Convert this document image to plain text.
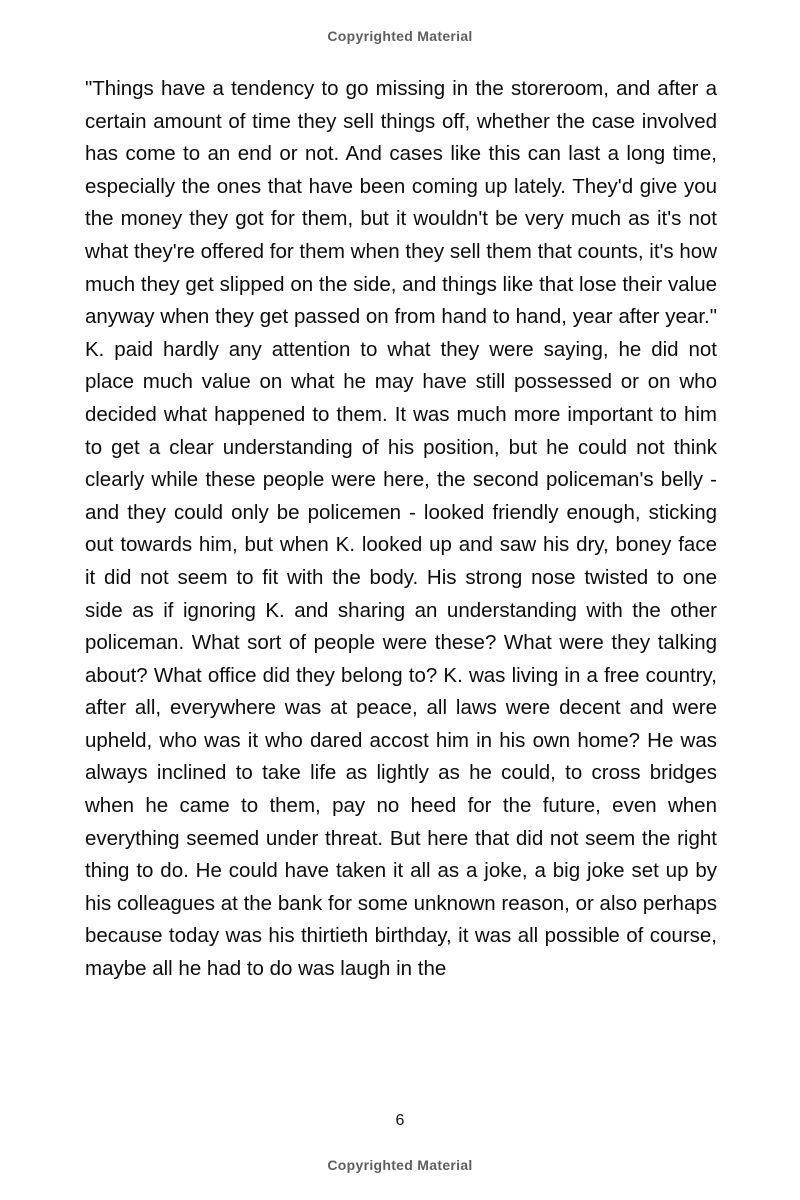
Copyrighted Material
"Things have a tendency to go missing in the storeroom, and after a certain amount of time they sell things off, whether the case involved has come to an end or not. And cases like this can last a long time, especially the ones that have been coming up lately. They'd give you the money they got for them, but it wouldn't be very much as it's not what they're offered for them when they sell them that counts, it's how much they get slipped on the side, and things like that lose their value anyway when they get passed on from hand to hand, year after year." K. paid hardly any attention to what they were saying, he did not place much value on what he may have still possessed or on who decided what happened to them. It was much more important to him to get a clear understanding of his position, but he could not think clearly while these people were here, the second policeman's belly - and they could only be policemen - looked friendly enough, sticking out towards him, but when K. looked up and saw his dry, boney face it did not seem to fit with the body. His strong nose twisted to one side as if ignoring K. and sharing an understanding with the other policeman. What sort of people were these? What were they talking about? What office did they belong to? K. was living in a free country, after all, everywhere was at peace, all laws were decent and were upheld, who was it who dared accost him in his own home? He was always inclined to take life as lightly as he could, to cross bridges when he came to them, pay no heed for the future, even when everything seemed under threat. But here that did not seem the right thing to do. He could have taken it all as a joke, a big joke set up by his colleagues at the bank for some unknown reason, or also perhaps because today was his thirtieth birthday, it was all possible of course, maybe all he had to do was laugh in the
6
Copyrighted Material
